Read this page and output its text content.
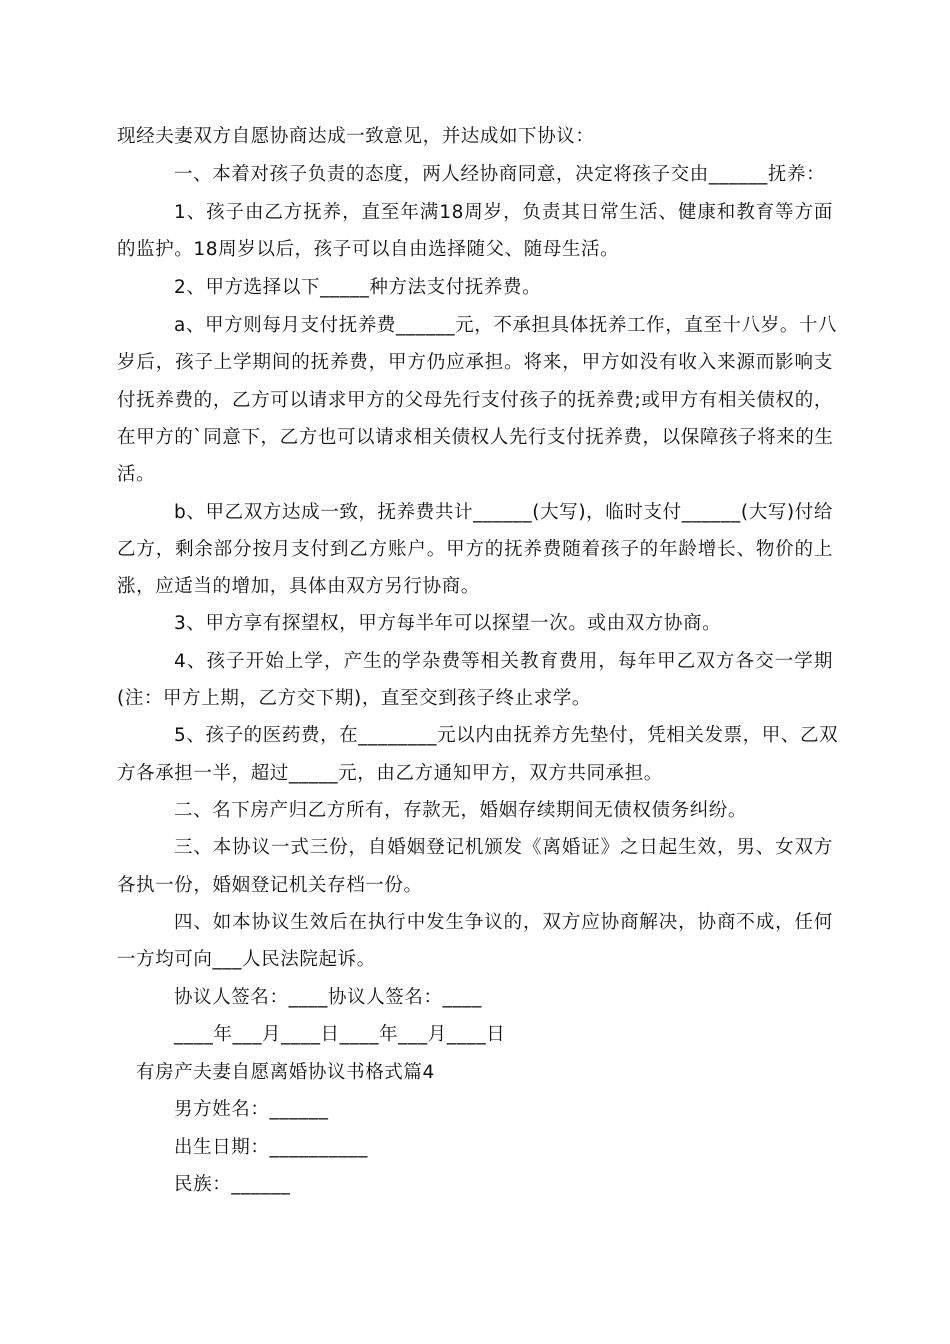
现经夫妻双方自愿协商达成一致意见，并达成如下协议：
一、本着对孩子负责的态度，两人经协商同意，决定将孩子交由______抚养：
1、孩子由乙方抚养，直至年满18周岁，负责其日常生活、健康和教育等方面
的监护。18周岁以后，孩子可以自由选择随父、随母生活。
2、甲方选择以下_____种方法支付抚养费。
a、甲方则每月支付抚养费______元，不承担具体抚养工作，直至十八岁。十八
岁后，孩子上学期间的抚养费，甲方仍应承担。将来，甲方如没有收入来源而影响支
付抚养费的，乙方可以请求甲方的父母先行支付孩子的抚养费;或甲方有相关债权的，
在甲方的`同意下，乙方也可以请求相关债权人先行支付抚养费，以保障孩子将来的生
活。
b、甲乙双方达成一致，抚养费共计______(大写)，临时支付______(大写)付给
乙方，剩余部分按月支付到乙方账户。甲方的抚养费随着孩子的年龄增长、物价的上
涨，应适当的增加，具体由双方另行协商。
3、甲方享有探望权，甲方每半年可以探望一次。或由双方协商。
4、孩子开始上学，产生的学杂费等相关教育费用，每年甲乙双方各交一学期
(注：甲方上期，乙方交下期)，直至交到孩子终止求学。
5、孩子的医药费，在________元以内由抚养方先垫付，凭相关发票，甲、乙双
方各承担一半，超过_____元，由乙方通知甲方，双方共同承担。
二、名下房产归乙方所有，存款无，婚姻存续期间无债权债务纠纷。
三、本协议一式三份，自婚姻登记机颁发《离婚证》之日起生效，男、女双方
各执一份，婚姻登记机关存档一份。
四、如本协议生效后在执行中发生争议的，双方应协商解决，协商不成，任何
一方均可向___人民法院起诉。
协议人签名：____协议人签名：____
____年___月____日____年___月____日
有房产夫妻自愿离婚协议书格式篇4
男方姓名：______
出生日期：__________
民族：______
